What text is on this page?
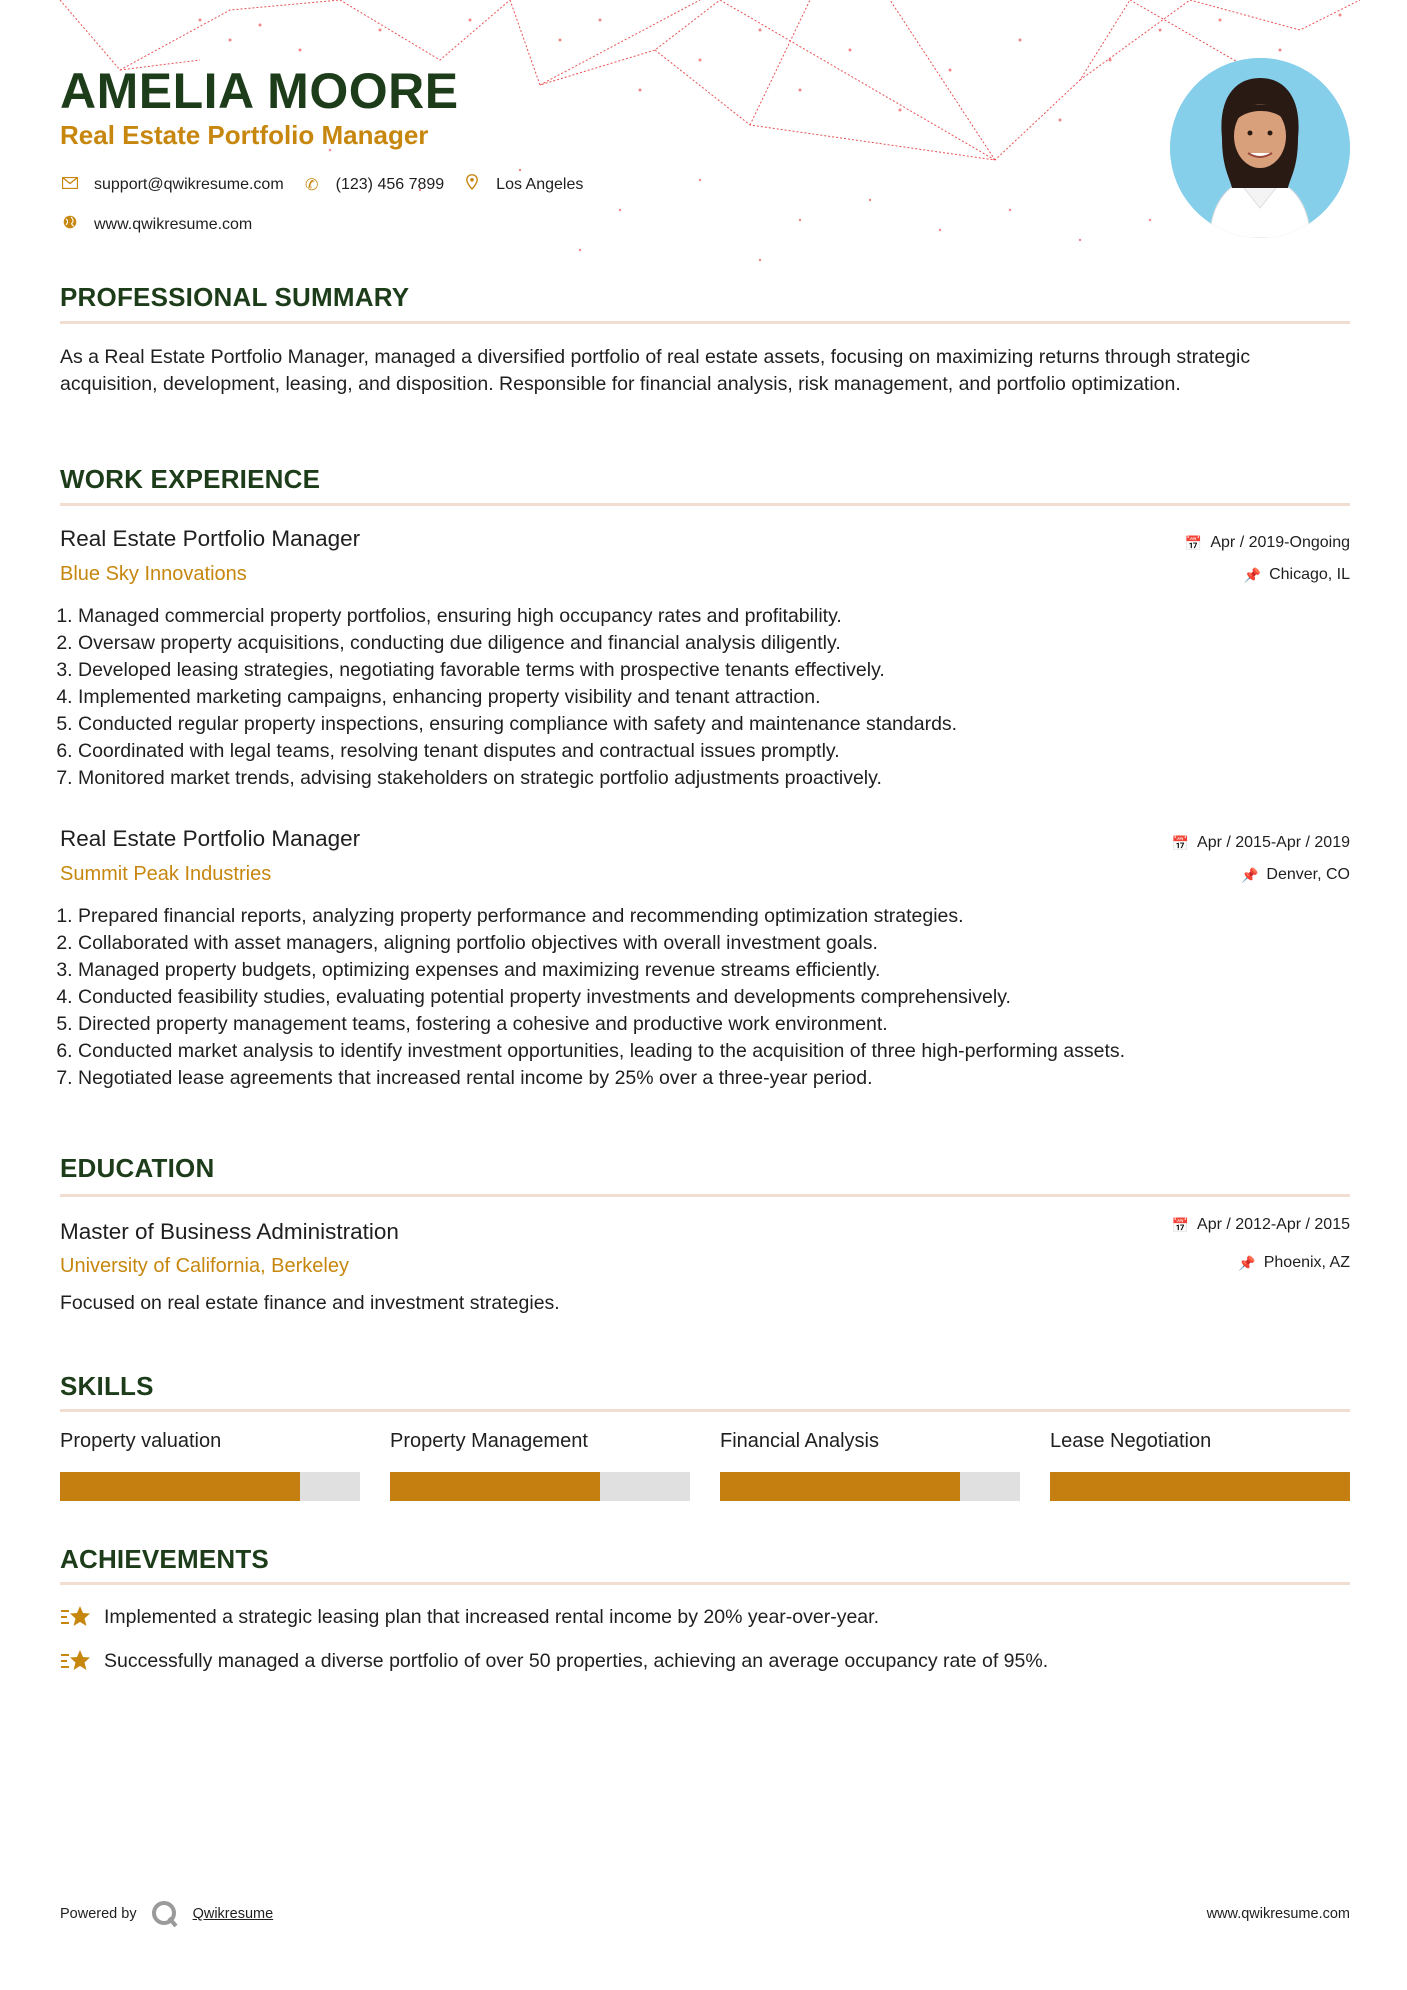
AMELIA MOORE
Real Estate Portfolio Manager
support@qwikresume.com ✆ (123) 456 7899	Los Angeles
www.qwikresume.com
PROFESSIONAL SUMMARY

As a Real Estate Portfolio Manager, managed a diversified portfolio of real estate assets, focusing on maximizing returns through strategic acquisition, development, leasing, and disposition. Responsible for financial analysis, risk management, and portfolio optimization.

WORK EXPERIENCE
Real Estate Portfolio Manager
Blue Sky Innovations
📅 Apr / 2019-Ongoing
📌 Chicago, IL
1. Managed commercial property portfolios, ensuring high occupancy rates and profitability.
2. Oversaw property acquisitions, conducting due diligence and financial analysis diligently.
3. Developed leasing strategies, negotiating favorable terms with prospective tenants effectively.
4. Implemented marketing campaigns, enhancing property visibility and tenant attraction.
5. Conducted regular property inspections, ensuring compliance with safety and maintenance standards.
6. Coordinated with legal teams, resolving tenant disputes and contractual issues promptly.
7. Monitored market trends, advising stakeholders on strategic portfolio adjustments proactively.
Real Estate Portfolio Manager
Summit Peak Industries
📅 Apr / 2015-Apr / 2019
📌 Denver, CO
1. Prepared financial reports, analyzing property performance and recommending optimization strategies.
2. Collaborated with asset managers, aligning portfolio objectives with overall investment goals.
3. Managed property budgets, optimizing expenses and maximizing revenue streams efficiently.
4. Conducted feasibility studies, evaluating potential property investments and developments comprehensively.
5. Directed property management teams, fostering a cohesive and productive work environment.
6. Conducted market analysis to identify investment opportunities, leading to the acquisition of three high-performing assets.
7. Negotiated lease agreements that increased rental income by 25% over a three-year period.
EDUCATION
Master of Business Administration
University of California, Berkeley
📅 Apr / 2012-Apr / 2015
📌 Phoenix, AZ

Focused on real estate finance and investment strategies.

SKILLS
Property valuation	Property Management	Financial Analysis	Lease Negotiation
ACHIEVEMENTS
Implemented a strategic leasing plan that increased rental income by 20% year-over-year.
Successfully managed a diverse portfolio of over 50 properties, achieving an average occupancy rate of 95%.
Powered by	Qwikresume	www.qwikresume.com
